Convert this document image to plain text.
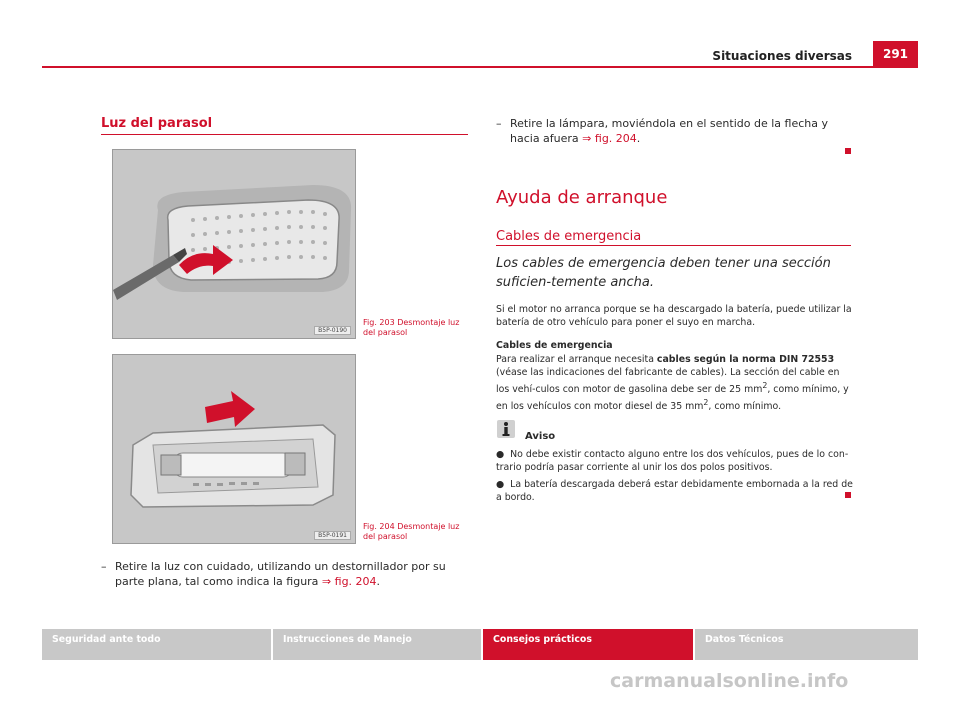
Situaciones diversas	291
Luz del parasol
B5P-0190
Fig. 203 Desmontaje luz del parasol
B5P-0191
Fig. 204 Desmontaje luz del parasol
– Retire la luz con cuidado, utilizando un destornillador por su parte plana, tal como indica la figura ⇒ fig. 204.
– Retire la lámpara, moviéndola en el sentido de la flecha y hacia afuera ⇒ fig. 204.
Ayuda de arranque
Cables de emergencia
Los cables de emergencia deben tener una sección suficien-temente ancha.
Si el motor no arranca porque se ha descargado la batería, puede utilizar la batería de otro vehículo para poner el suyo en marcha.
Cables de emergencia
Para realizar el arranque necesita cables según la norma DIN 72553 (véase las indicaciones del fabricante de cables). La sección del cable en los vehí-culos con motor de gasolina debe ser de 25 $mm^2$, como mínimo, y en los vehículos con motor diesel de 35 $mm^2$, como mínimo.
Aviso
● No debe existir contacto alguno entre los dos vehículos, pues de lo con-trario podría pasar corriente al unir los dos polos positivos.
● La batería descargada deberá estar debidamente embornada a la red de a bordo.
Seguridad ante todo	Instrucciones de Manejo	Consejos prácticos	Datos Técnicos
carmanualsonline.info
